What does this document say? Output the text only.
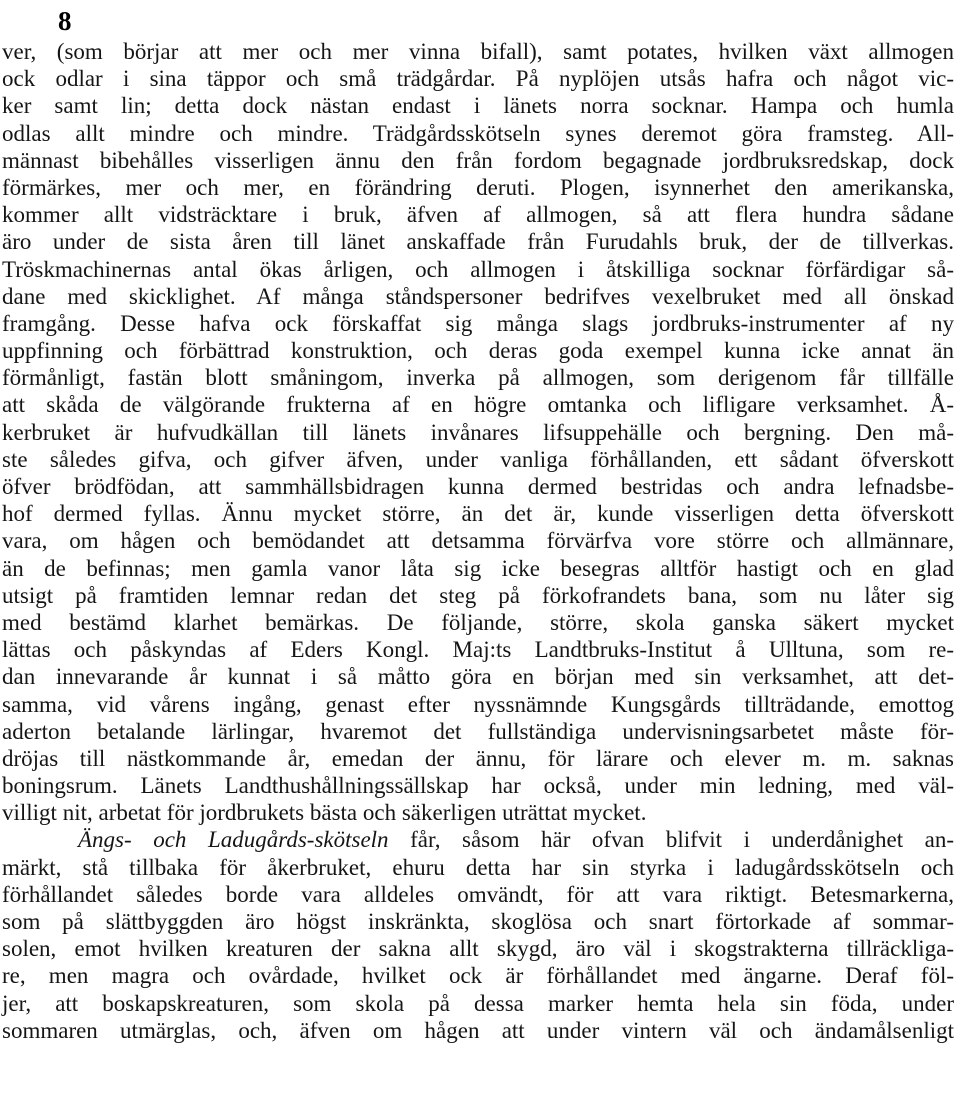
8
ver, (som börjar att mer och mer vinna bifall), samt potates, hvilken växt allmogen
ock odlar i sina täppor och små trädgårdar. På nyplöjen utsås hafra och något vic-
ker samt lin; detta dock nästan endast i länets norra socknar. Hampa och humla
odlas allt mindre och mindre. Trädgårdsskötseln synes deremot göra framsteg. All-
männast bibehålles visserligen ännu den från fordom begagnade jordbruksredskap, dock
förmärkes, mer och mer, en förändring deruti. Plogen, isynnerhet den amerikanska,
kommer allt vidsträcktare i bruk, äfven af allmogen, så att flera hundra sådane
äro under de sista åren till länet anskaffade från Furudahls bruk, der de tillverkas.
Tröskmachinernas antal ökas årligen, och allmogen i åtskilliga socknar förfärdigar så-
dane med skicklighet. Af många ståndspersoner bedrifves vexelbruket med all önskad
framgång. Desse hafva ock förskaffat sig många slags jordbruks-instrumenter af ny
uppfinning och förbättrad konstruktion, och deras goda exempel kunna icke annat än
förmånligt, fastän blott småningom, inverka på allmogen, som derigenom får tillfälle
att skåda de välgörande frukterna af en högre omtanka och lifligare verksamhet. Å-
kerbruket är hufvudkällan till länets invånares lifsuppehälle och bergning. Den må-
ste således gifva, och gifver äfven, under vanliga förhållanden, ett sådant öfverskott
öfver brödfödan, att sammhällsbidragen kunna dermed bestridas och andra lefnadsbe-
hof dermed fyllas. Ännu mycket större, än det är, kunde visserligen detta öfverskott
vara, om hågen och bemödandet att detsamma förvärfva vore större och allmännare,
än de befinnas; men gamla vanor låta sig icke besegras alltför hastigt och en glad
utsigt på framtiden lemnar redan det steg på förkofrandets bana, som nu låter sig
med bestämd klarhet bemärkas. De följande, större, skola ganska säkert mycket
lättas och påskyndas af Eders Kongl. Maj:ts Landtbruks-Institut å Ulltuna, som re-
dan innevarande år kunnat i så måtto göra en början med sin verksamhet, att det-
samma, vid vårens ingång, genast efter nyssnämnde Kungsgårds tillträdande, emottog
aderton betalande lärlingar, hvaremot det fullständiga undervisningsarbetet måste för-
dröjas till nästkommande år, emedan der ännu, för lärare och elever m. m. saknas
boningsrum. Länets Landthushållningssällskap har också, under min ledning, med väl-
villigt nit, arbetat för jordbrukets bästa och säkerligen uträttat mycket.
Ängs- och Ladugårds-skötseln får, såsom här ofvan blifvit i underdånighet an-
märkt, stå tillbaka för åkerbruket, ehuru detta har sin styrka i ladugårdsskötseln och
förhållandet således borde vara alldeles omvändt, för att vara riktigt. Betesmarkerna,
som på slättbyggden äro högst inskränkta, skoglösa och snart förtorkade af sommar-
solen, emot hvilken kreaturen der sakna allt skygd, äro väl i skogstrakterna tillräckliga-
re, men magra och ovårdade, hvilket ock är förhållandet med ängarne. Deraf föl-
jer, att boskapskreaturen, som skola på dessa marker hemta hela sin föda, under
sommaren utmärglas, och, äfven om hågen att under vintern väl och ändamålsenligt
